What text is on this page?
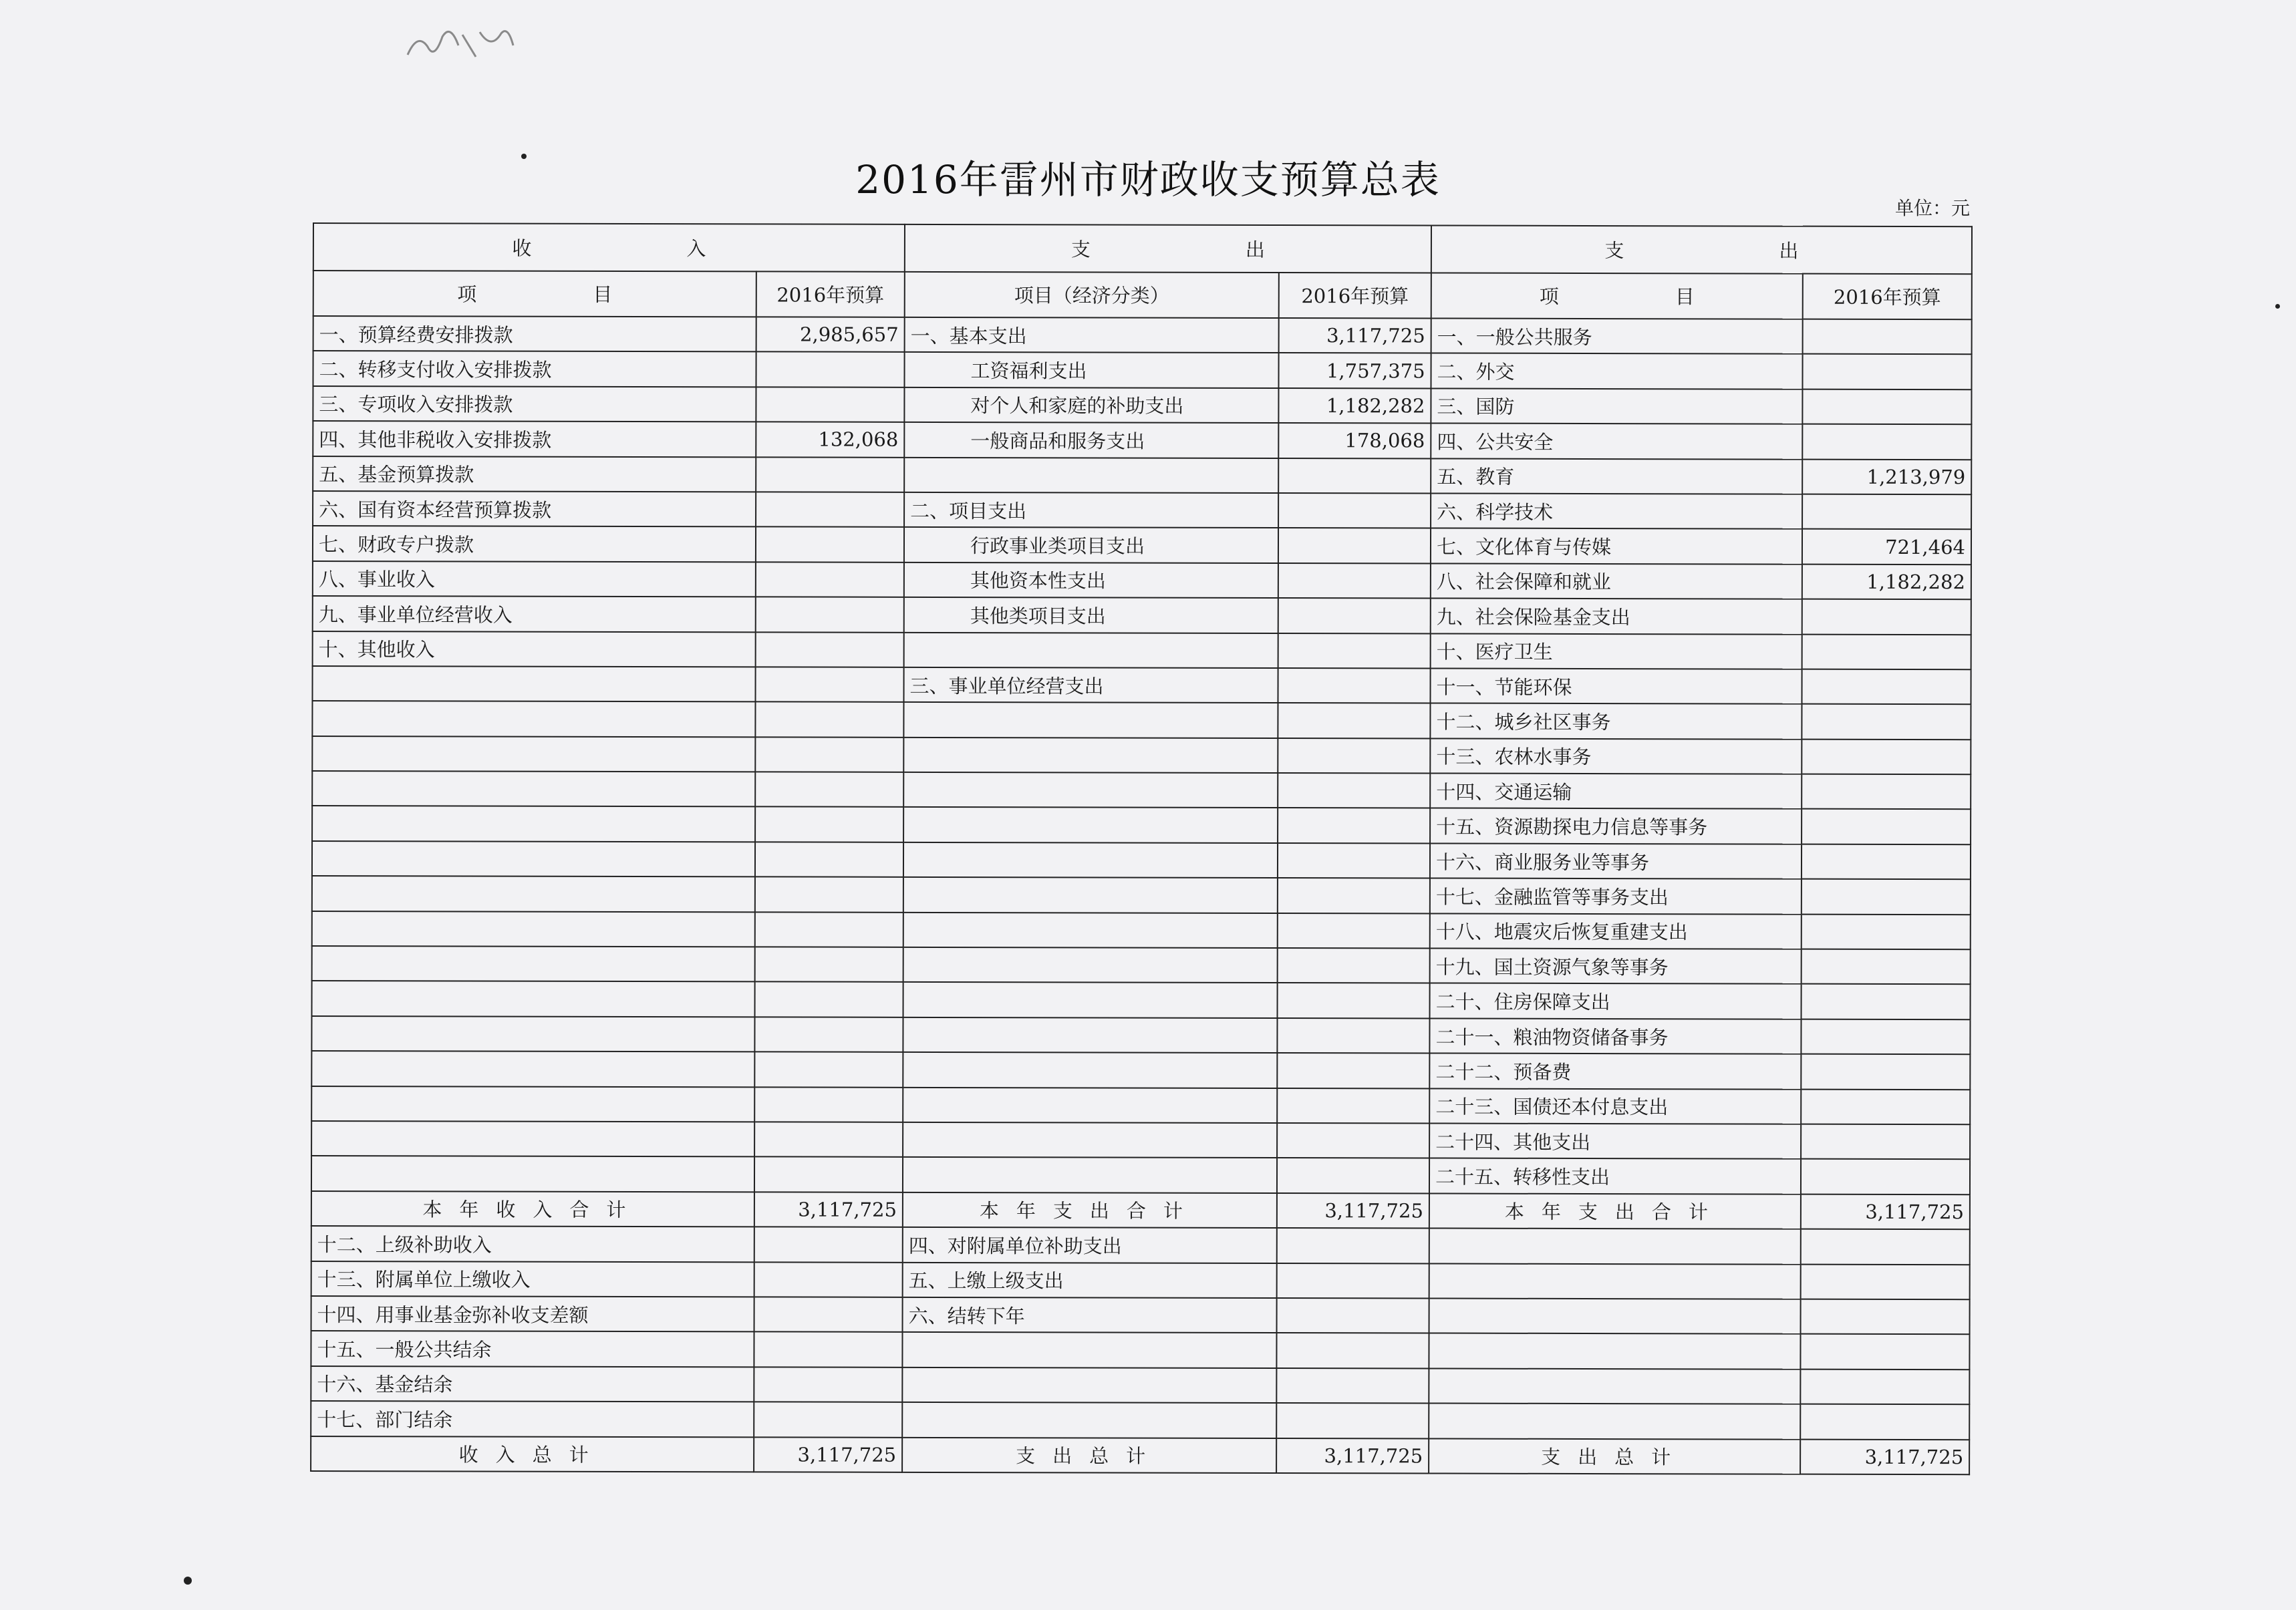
2016年雷州市财政收支预算总表
单位：元
收　　　　　　　　入		支　　　　　　　　出		支　　　　　　　　出	
项　　　　　　目	2016年预算	项目（经济分类）	2016年预算	项　　　　　　目	2016年预算
一、预算经费安排拨款	2,985,657	一、基本支出	3,117,725	一、一般公共服务	
二、转移支付收入安排拨款		工资福利支出	1,757,375	二、外交	
三、专项收入安排拨款		对个人和家庭的补助支出	1,182,282	三、国防	
四、其他非税收入安排拨款	132,068	一般商品和服务支出	178,068	四、公共安全	
五、基金预算拨款				五、教育	1,213,979
六、国有资本经营预算拨款		二、项目支出		六、科学技术	
七、财政专户拨款		行政事业类项目支出		七、文化体育与传媒	721,464
八、事业收入		其他资本性支出		八、社会保障和就业	1,182,282
九、事业单位经营收入		其他类项目支出		九、社会保险基金支出	
十、其他收入				十、医疗卫生	
		三、事业单位经营支出		十一、节能环保	
				十二、城乡社区事务	
				十三、农林水事务	
				十四、交通运输	
				十五、资源勘探电力信息等事务	
				十六、商业服务业等事务	
				十七、金融监管等事务支出	
				十八、地震灾后恢复重建支出	
				十九、国土资源气象等事务	
				二十、住房保障支出	
				二十一、粮油物资储备事务	
				二十二、预备费	
				二十三、国债还本付息支出	
				二十四、其他支出	
				二十五、转移性支出	
本年收入合计	3,117,725	本年支出合计	3,117,725	本年支出合计	3,117,725
十二、上级补助收入		四、对附属单位补助支出			
十三、附属单位上缴收入		五、上缴上级支出			
十四、用事业基金弥补收支差额		六、结转下年			
十五、一般公共结余					
十六、基金结余					
十七、部门结余					
收入总计	3,117,725	支出总计	3,117,725	支出总计	3,117,725
